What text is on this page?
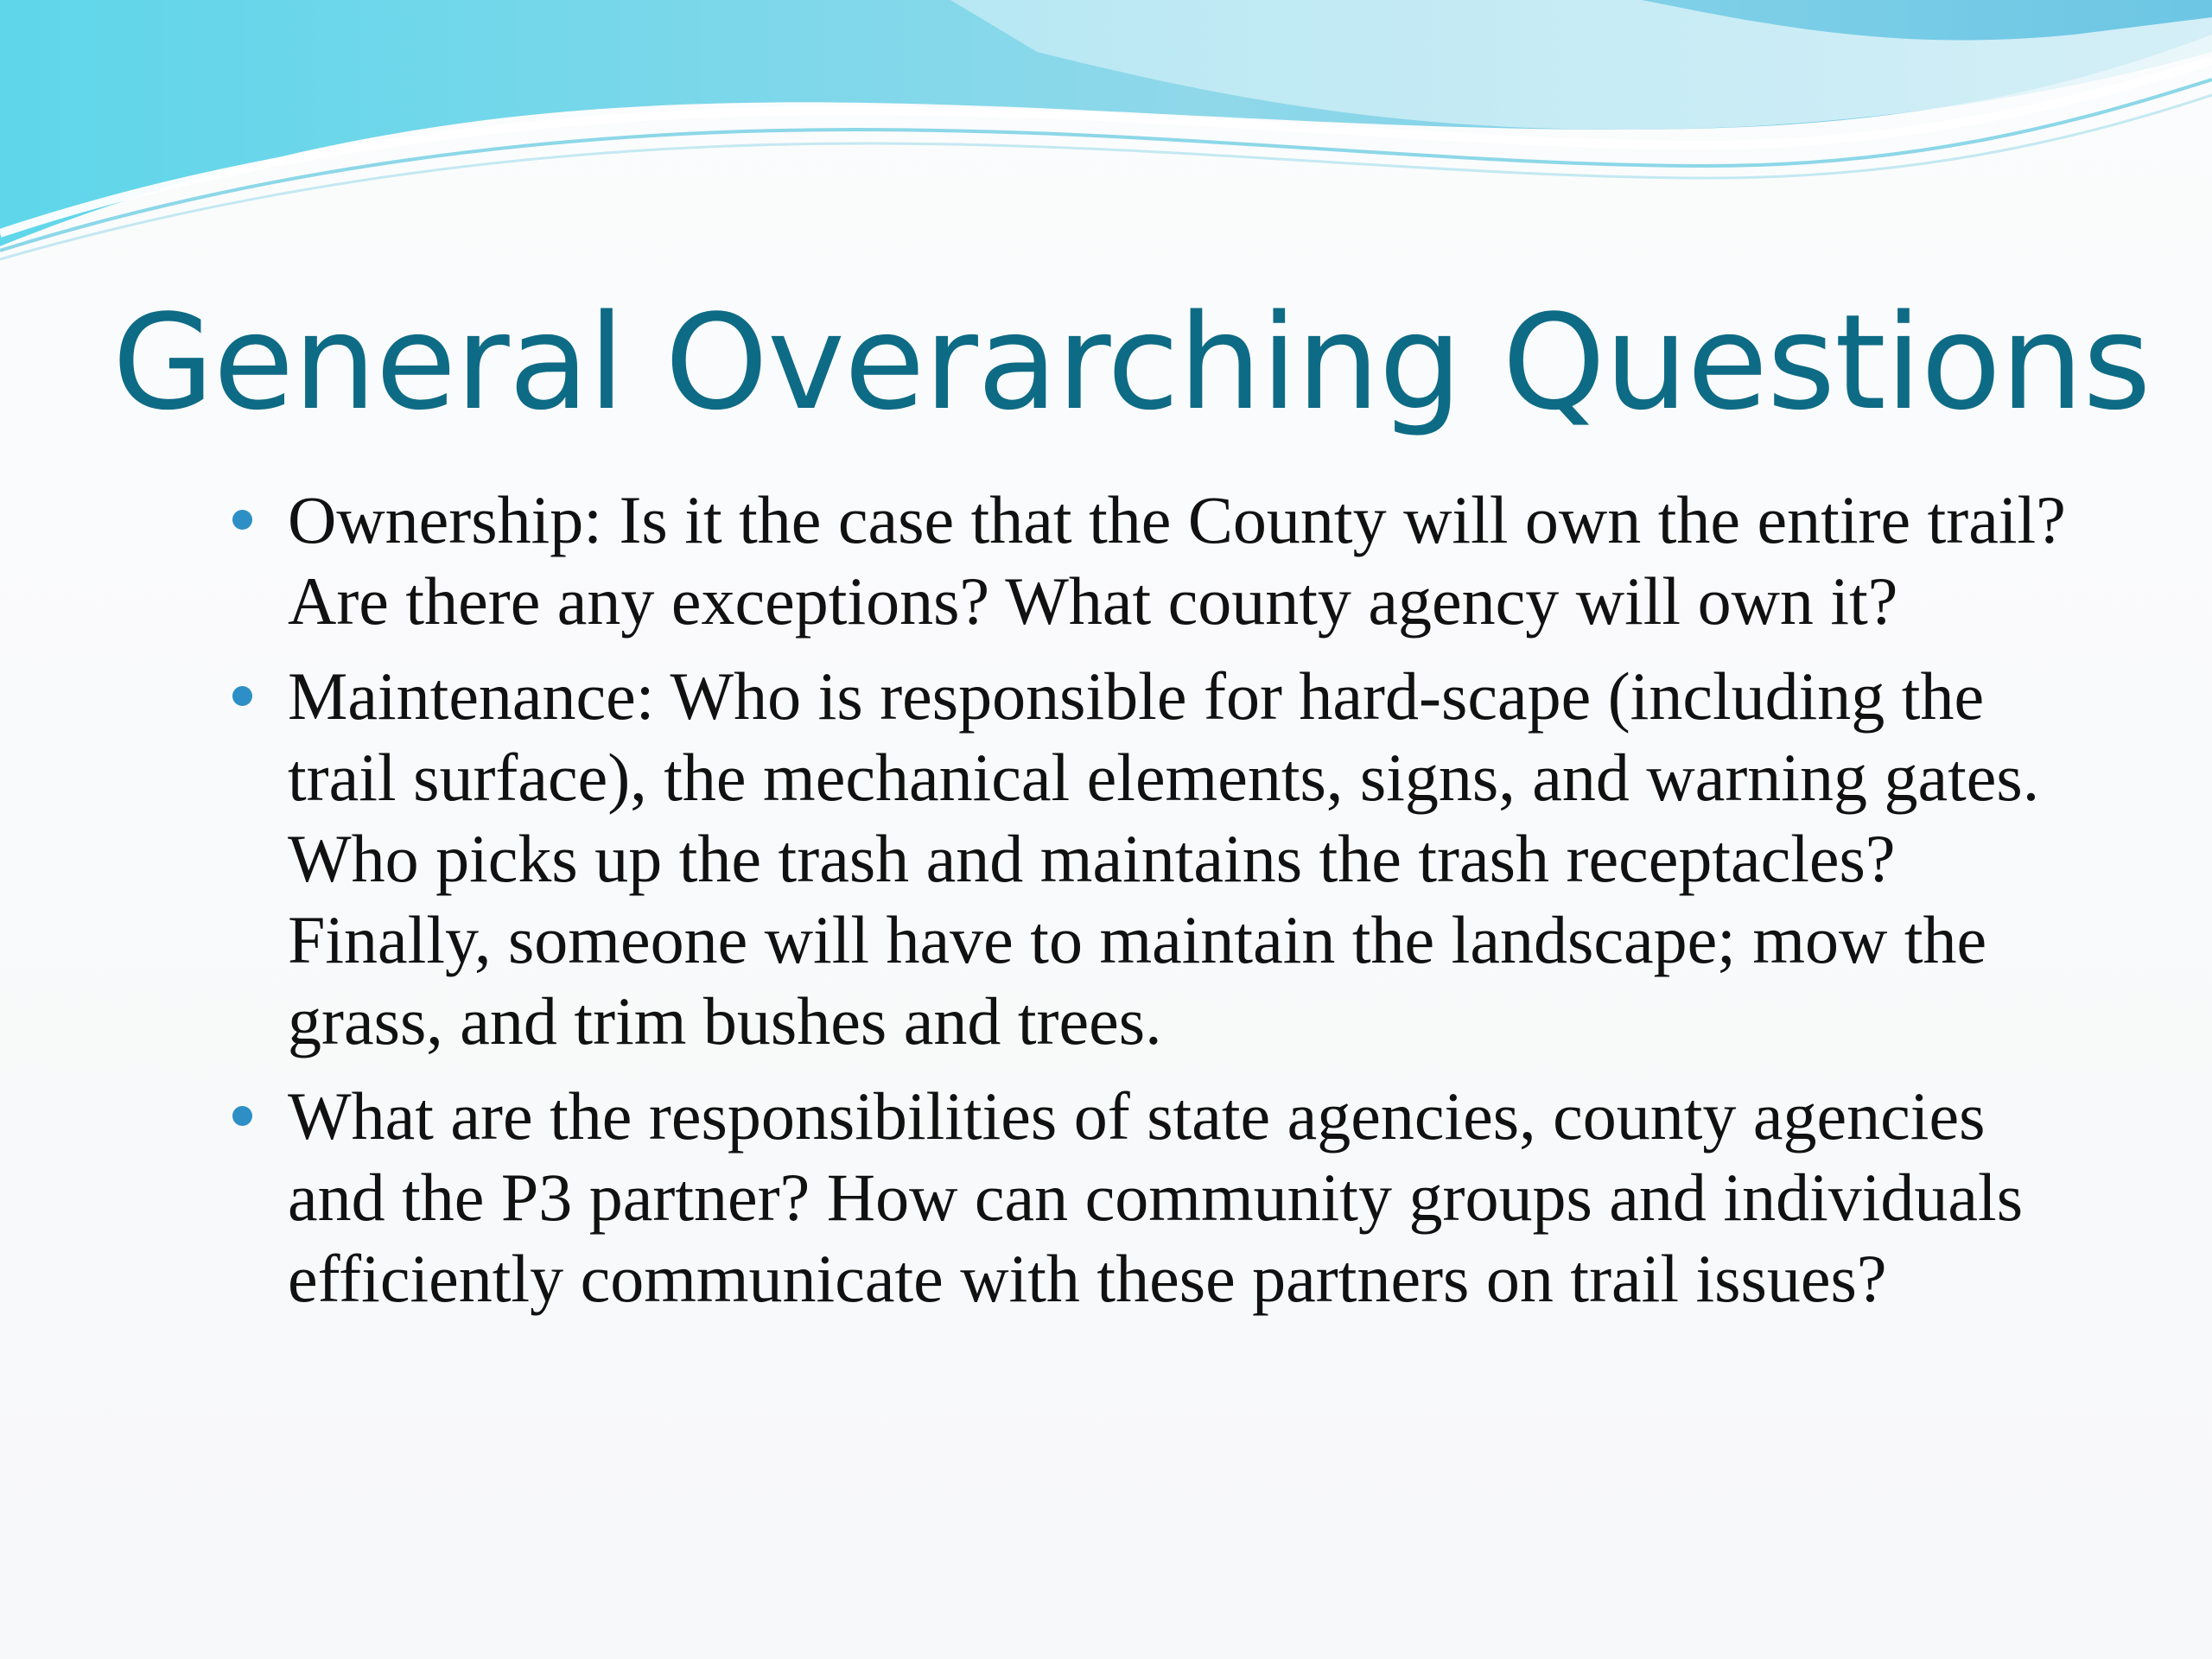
General Overarching Questions
Ownership: Is it the case that the County will own the entire trail? Are there any exceptions? What county agency will own it?
Maintenance: Who is responsible for hard-scape (including the trail surface), the mechanical elements, signs, and warning gates. Who picks up the trash and maintains the trash receptacles? Finally, someone will have to maintain the landscape; mow the grass, and trim bushes and trees.
What are the responsibilities of state agencies, county agencies and the P3 partner? How can community groups and individuals efficiently communicate with these partners on trail issues?
